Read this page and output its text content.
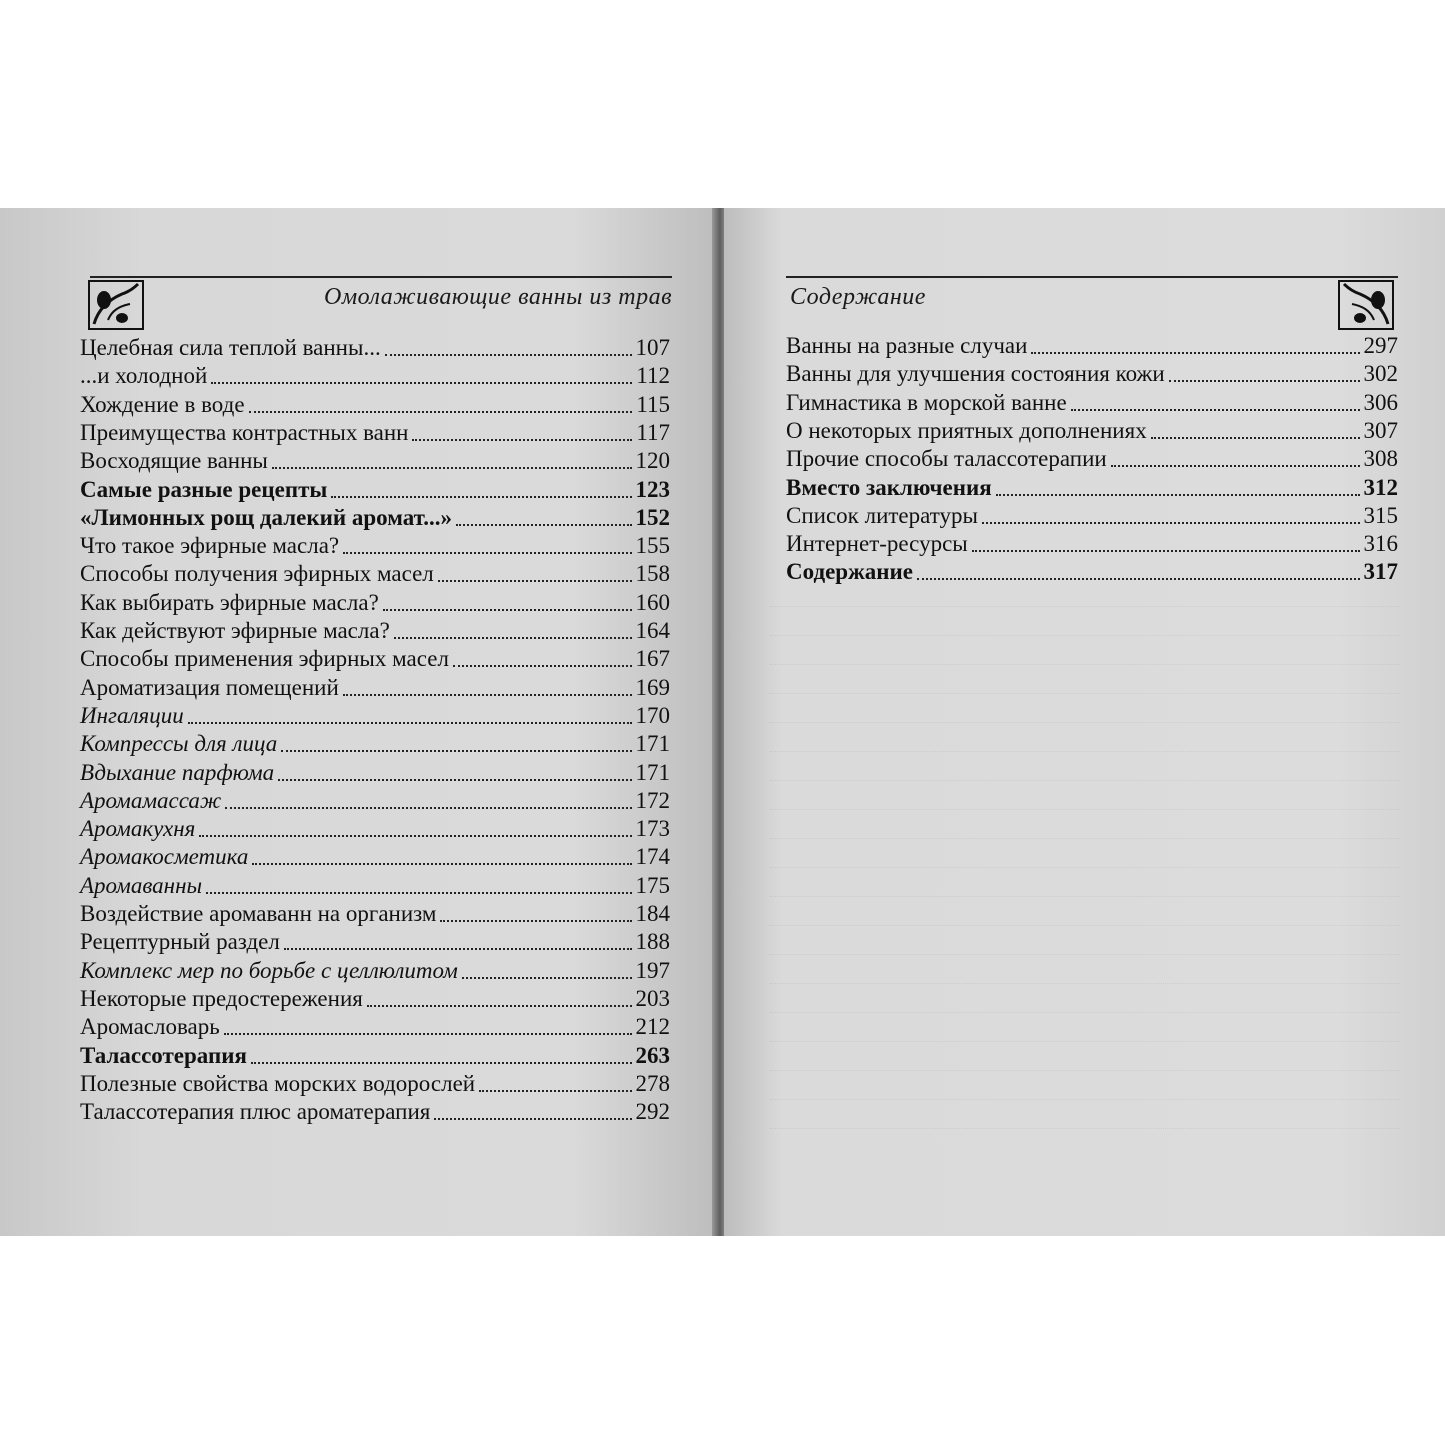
Омолаживающие ванны из трав
Целебная сила теплой ванны...	107
...и холодной	112
Хождение в воде	115
Преимущества контрастных ванн	117
Восходящие ванны	120
Самые разные рецепты	123
«Лимонных рощ далекий аромат...»	152
Что такое эфирные масла?	155
Способы получения эфирных масел	158
Как выбирать эфирные масла?	160
Как действуют эфирные масла?	164
Способы применения эфирных масел	167
Ароматизация помещений	169
Ингаляции	170
Компрессы для лица	171
Вдыхание парфюма	171
Аромамассаж	172
Аромакухня	173
Аромакосметика	174
Аромаванны	175
Воздействие аромаванн на организм	184
Рецептурный раздел	188
Комплекс мер по борьбе с целлюлитом	197
Некоторые предостережения	203
Аромасловарь	212
Талассотерапия	263
Полезные свойства морских водорослей	278
Талассотерапия плюс ароматерапия	292
Содержание
Ванны на разные случаи	297
Ванны для улучшения состояния кожи	302
Гимнастика в морской ванне	306
О некоторых приятных дополнениях	307
Прочие способы талассотерапии	308
Вместо заключения	312
Список литературы	315
Интернет-ресурсы	316
Содержание	317
